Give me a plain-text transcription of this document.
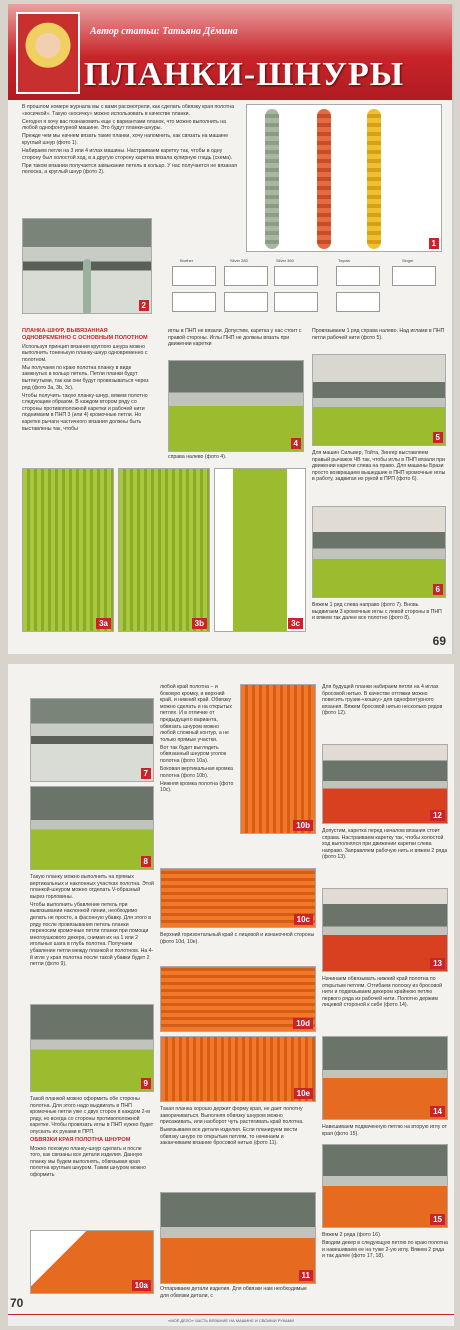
Автор статьи: Татьяна Дёмина
ПЛАНКИ-ШНУРЫ

В прошлом номере журнала мы с вами рассмотрели, как сделать обвязку края полотна «косичкой». Такую «косичку» можно использовать в качестве планки.

Сегодня я хочу вас познакомить еще с вариантами планок, что можно выполнить на любой однофонтурной машине. Это будут планки-шнуры.

Прежде чем мы начнем вязать такие планки, хочу напомнить, как связать на машине круглый шнур (фото 1).

Набираем петли на 3 или 4 иглах машины. Настраиваем каретку так, чтобы в одну сторону был холостой ход, в а другую сторону каретка вязала кулирную гладь (схема).

При таком вязании получается замыкание петель в кольцо. У нас получается не вязаная полоска, а круглый шнур (фото 2).

1
2
Brother	Silver 280	Silver 360	Toyota	Singer

ПЛАНКА-ШНУР, ВЫВЯЗАННАЯ ОДНОВРЕМЕННО С ОСНОВНЫМ ПОЛОТНОМ

Используя принцип вязания круглого шнура можно выполнить тоненькую планку-шнур одновременно с полотном.

Мы получаем по краю полотна планку в виде замкнутых в кольцо петель. Петли планки будут вытянутыми, так как они будут провязываться через ряд (фото 3а, 3b, 3c).

Чтобы получить такую планку-шнур, вяжем полотно следующим образом. В каждом втором ряду со стороны противоположной каретки и рабочей нити поднимаем в ПНП 3 (или 4) кромочные петли. Но каретке рычаги частичного вязания должны быть выставлены так, чтобы

иглы в ПНП не вязали. Допустим, каретка у нас стоит с правой стороны. Иглы ПНП не должны вязать при движении каретки

4

справа налево (фото 4).

Провязываем 1 ряд справа налево. Над иглами в ПНП петли рабочей нити (фото 5).

5

Для машин Сильвер, Тойта, Зингер выставляем правый рычажок ЧВ так, чтобы иглы в ПНП вязали при движении каретки слева на право. Для машины Брази просто возвращаем вышедшие в ПНП кромочные иглы в работу, задвигая их рукой в ПРП (фото 6).

6

Вяжем 1 ряд слева направо (фото 7). Вновь выдвигаем 3 кромочные иглы с левой стороны в ПНП и вяжем так далее все полотно (фото 8).

3a	3b	3c
69
7
8

Такую планку можно выполнить на прямых вертикальных и наклонных участках полотна. Этой планкой-шнуром можно отделать V-образный вырез горловины.

Чтобы выполнить убавление петель при вывязывании наклонной линии, необходимо делать не просто, а фасонную убавку. Для этого в ряду после провязывания петель планки переносим кромочные петли планки при помощи многоушкового декера, снимая их на 1 или 2 игольных шага в глубь полотна. Получаем убавление петли между планкой и полотном. На 4-й игле у края полотна после такой убавки будет 2 петли (фото 9).

9

Такой планкой можно оформить обе стороны полотна. Для этого надо выдвигать в ПНП кромочные петли уже с двух сторон в каждом 2-м ряду, но всегда со стороны противоположной каретке. Чтобы провязать иглы в ПНП нужно будет опускать их руками в ПРП.

ОБВЯЗКИ КРАЯ ПОЛОТНА ШНУРОМ

Можно похожую планку-шнур сделать и после того, как связаны все детали изделия. Данную планку мы будем выполнять, обвязывая края полотна круглым шнуром. Таким шнуром можно оформить

10a

любой край полотна – и боковую кромку, и верхний край, и нижний край. Обвязку можно сделать и на открытых петлях. И в отличие от предыдущего варианта, обвязать шнуром можно любой сложный контур, а не только прямые участки.

Вот так будет выглядеть обвязанный шнуром уголок полотна (фото 10а).

Боковая вертикальная кромка полотна (фото 10b).

Нижняя кромка полотна (фото 10с).

10b
10c

Верхний горизонтальный край с лицевой и изнаночной стороны (фото 10d, 10e).

10d
10e

Такая планка хорошо держит форму края, не дает полотну заворачиваться. Выполняя обвязку шнуром можно присаживать, или наоборот чуть растягивать край полотна.

Вывязываем все детали изделия. Если планируем вести обвязку шнуро по открытым петлям, то начинаем и заканчиваем вязание бросовой нитью (фото 11).

11

Отпариваем детали изделия. Для обвязки нам необходимые для обвязки детали, с

Для будущей планки набираем петли на 4 иглах бросовой нитью. В качестве оттяжки можно повесить грузик-«кошку» для однофонтурного вязания. Вяжем бросовой нитью несколько рядов (фото 12).

12

Допустим, каретка перед началом вязания стоит справа. Настраиваем каретку так, чтобы холостой ход выполнялся при движении каретки слева направо. Заправляем рабочую нить и вяжем 2 ряда (фото 13).

13

Начинаем обвязывать нижний край полотна по открытым петлям. Отгибаем полоску из бросовой нити и подвязываем декером крайнюю петлю первого ряда из рабочей нити. Полотно держим лицевой стороной к себе (фото 14).

14

Навешиваем подваченную петлю на вторую иглу от края (фото 15).

15

Вяжем 2 ряда (фото 16).

Вводим декер в следующую петлю по краю полотна и навешиваем ее на туже 2-ую иглу. Вяжем 2 ряда и так далее (фото 17, 18).

70
«МОЁ ДЕЛО» ЧАСТЬ ВЯЗАНИЕ НА МАШИНЕ И СВОИМИ РУКАМИ
